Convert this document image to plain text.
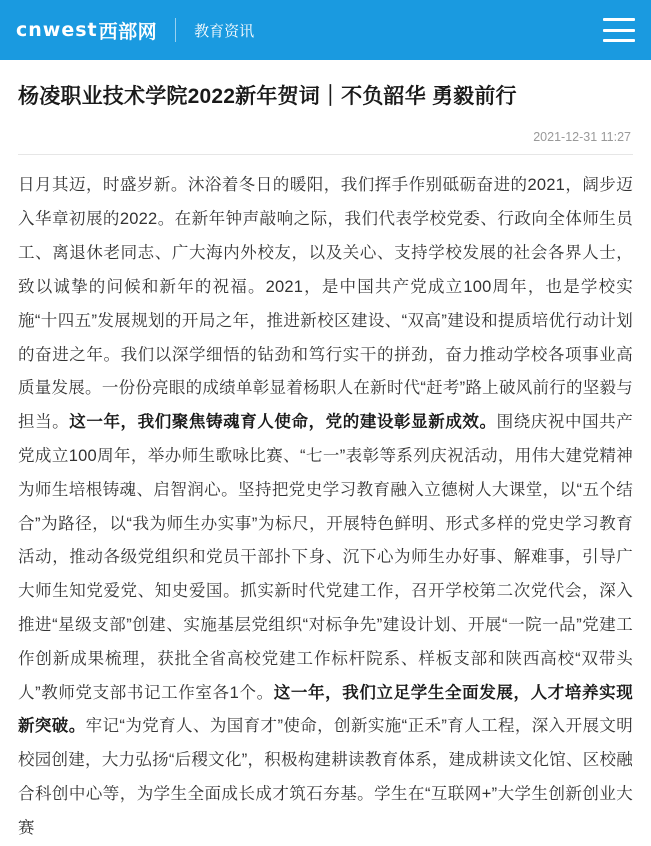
cnwest 西部网 教育资讯
杨凌职业技术学院2022新年贺词｜不负韶华 勇毅前行
2021-12-31 11:27

日月其迈，时盛岁新。沐浴着冬日的暖阳，我们挥手作别砥砺奋进的2021，阔步迈入华章初展的2022。在新年钟声敲响之际，我们代表学校党委、行政向全体师生员工、离退休老同志、广大海内外校友，以及关心、支持学校发展的社会各界人士，致以诚挚的问候和新年的祝福。2021，是中国共产党成立100周年，也是学校实施“十四五”发展规划的开局之年，推进新校区建设、“双高”建设和提质培优行动计划的奋进之年。我们以深学细悟的钻劲和笃行实干的拼劲，奋力推动学校各项事业高质量发展。一份份亮眼的成绩单彰显着杨职人在新时代“赶考”路上破风前行的坚毅与担当。这一年，我们聚焦铸魂育人使命，党的建设彰显新成效。围绕庆祝中国共产党成立100周年，举办师生歌咏比赛、“七一”表彰等系列庆祝活动，用伟大建党精神为师生培根铸魂、启智润心。坚持把党史学习教育融入立德树人大课堂，以“五个结合”为路径，以“我为师生办实事”为标尺，开展特色鲜明、形式多样的党史学习教育活动，推动各级党组织和党员干部扑下身、沉下心为师生办好事、解难事，引导广大师生知党爱党、知史爱国。抓实新时代党建工作，召开学校第二次党代会，深入推进“星级支部”创建、实施基层党组织“对标争先”建设计划、开展“一院一品”党建工作创新成果梳理，获批全省高校党建工作标杆院系、样板支部和陕西高校“双带头人”教师党支部书记工作室各1个。这一年，我们立足学生全面发展，人才培养实现新突破。牢记“为党育人、为国育才”使命，创新实施“正禾”育人工程，深入开展文明校园创建，大力弘扬“后稷文化”，积极构建耕读教育体系，建成耕读文化馆、区校融合科创中心等，为学生全面成长成才筑石夯基。学生在“互联网+”大学生创新创业大赛
